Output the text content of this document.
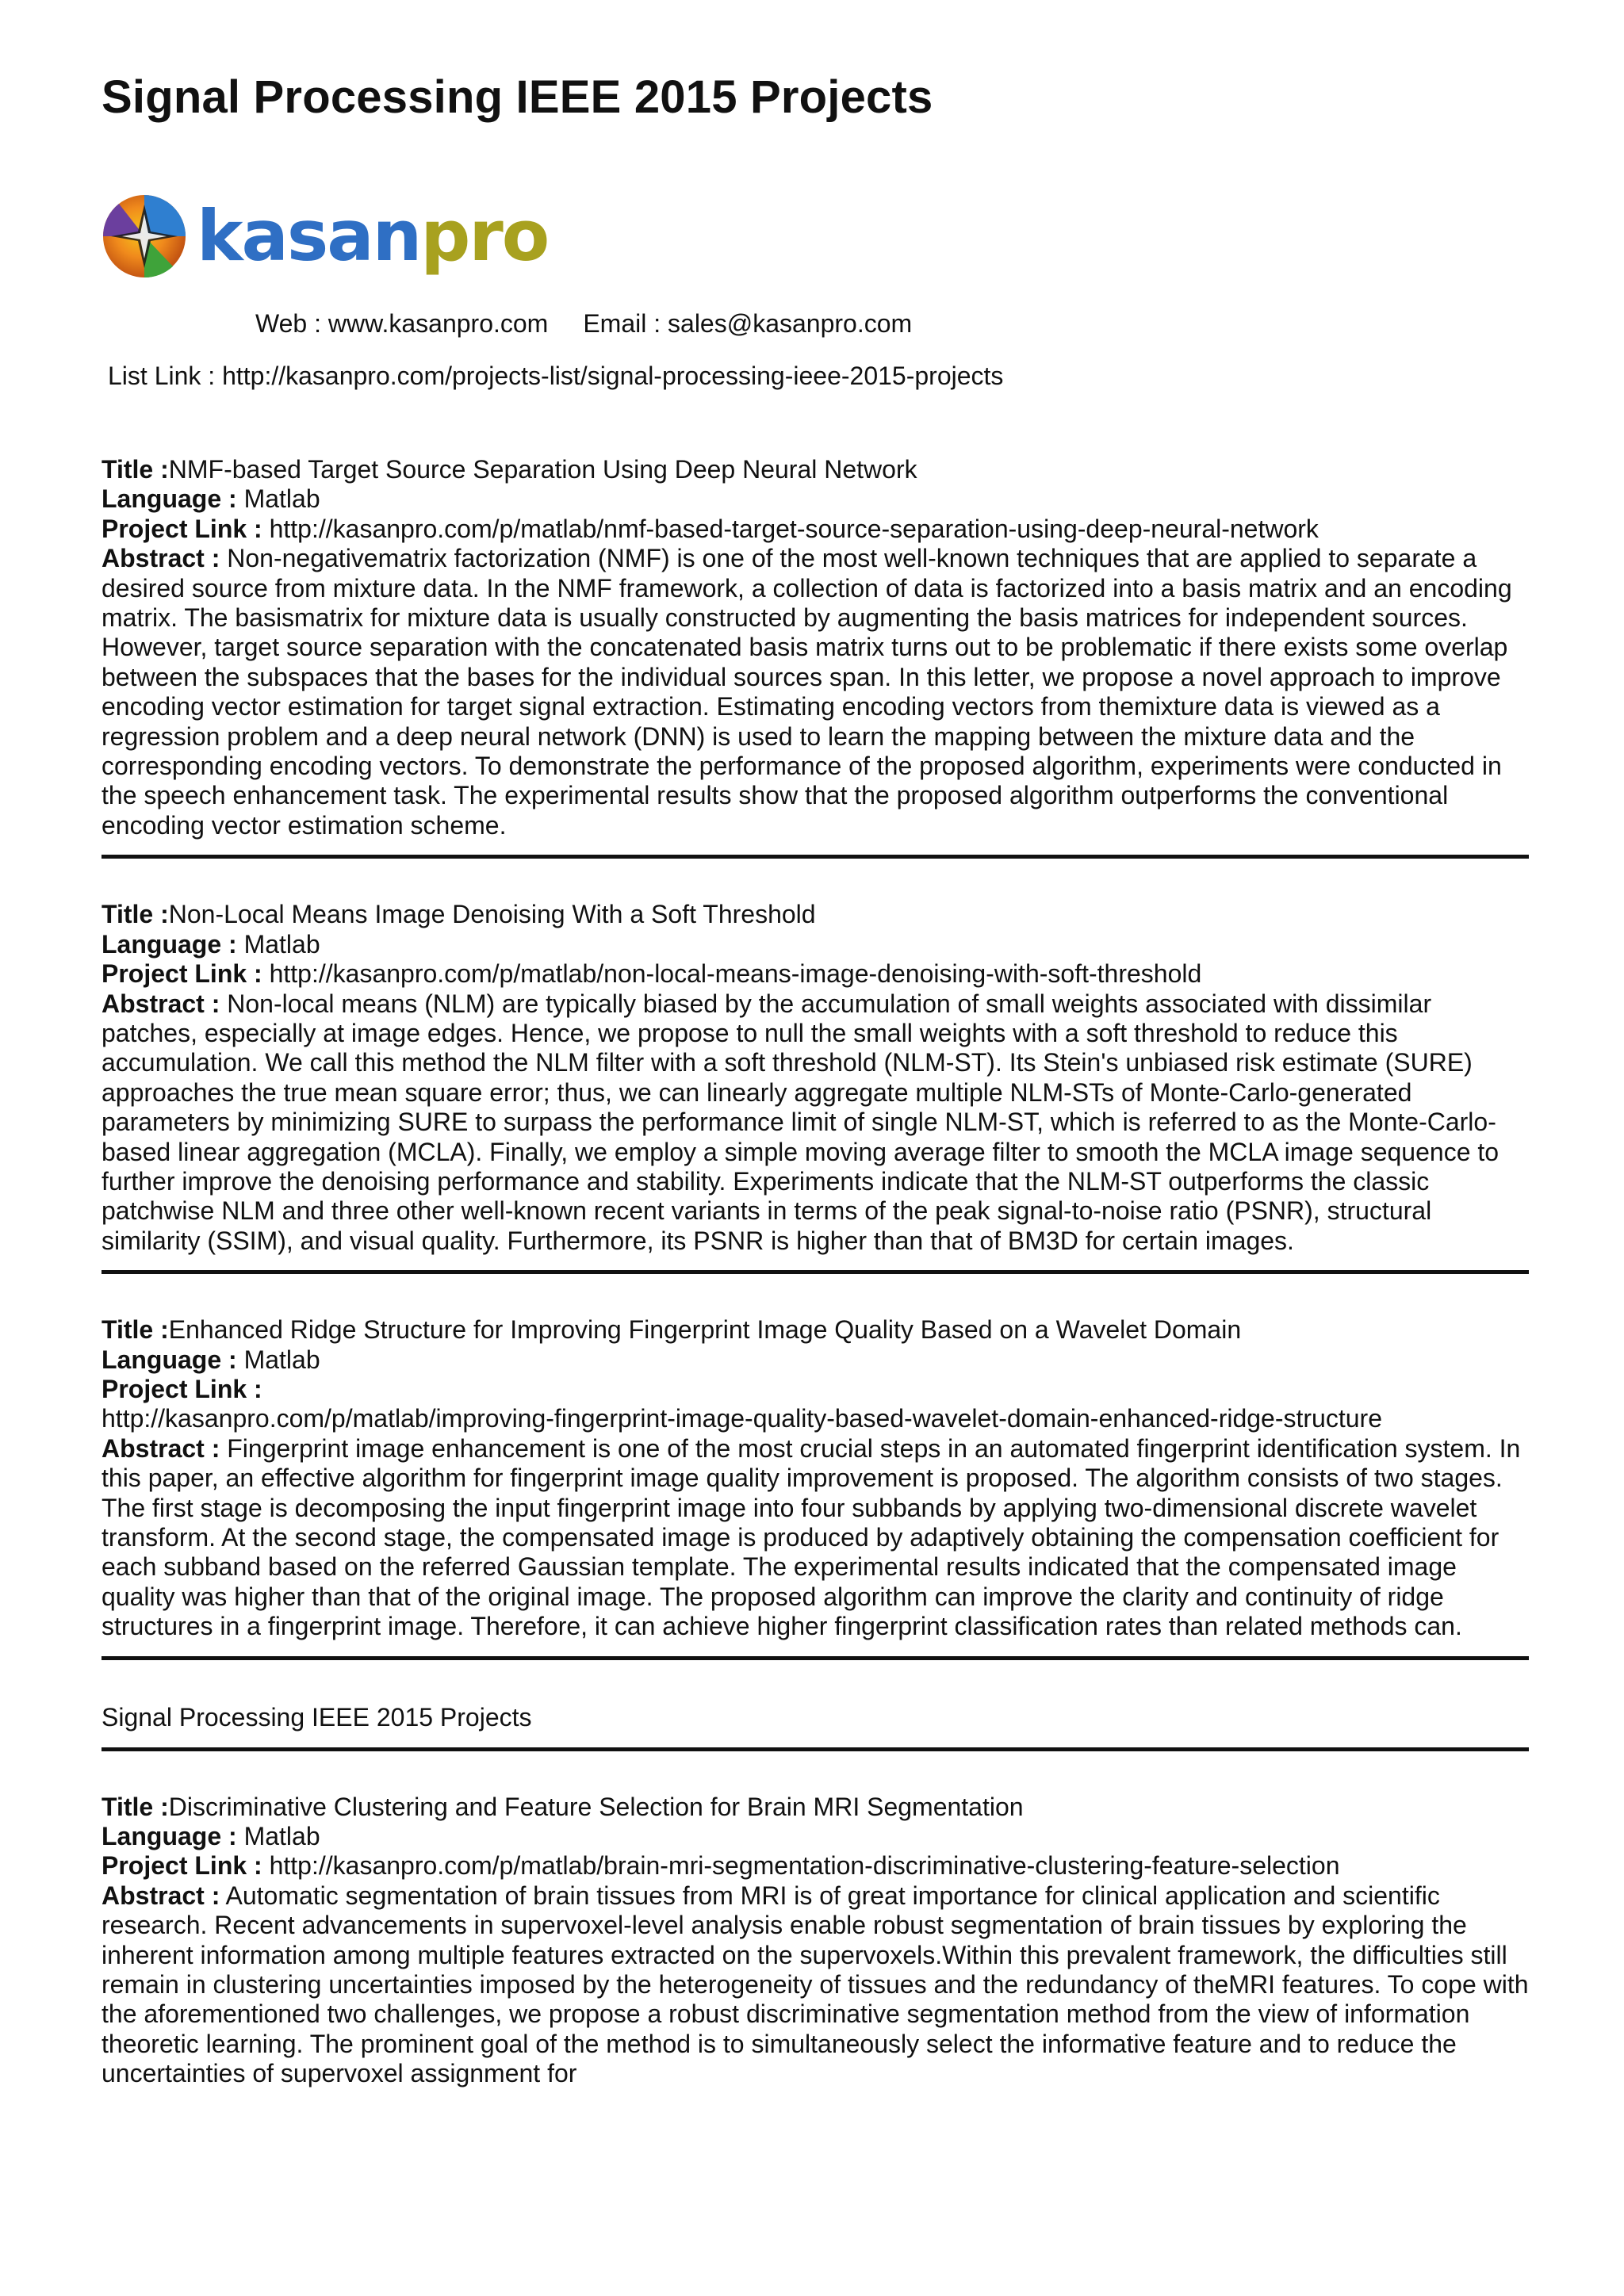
Signal Processing IEEE 2015 Projects
kasanpro
Web : www.kasanpro.com Email : sales@kasanpro.com
List Link : http://kasanpro.com/projects-list/signal-processing-ieee-2015-projects

Title :NMF-based Target Source Separation Using Deep Neural Network

Language : Matlab

Project Link : http://kasanpro.com/p/matlab/nmf-based-target-source-separation-using-deep-neural-network

Abstract : Non-negativematrix factorization (NMF) is one of the most well-known techniques that are applied to separate a desired source from mixture data. In the NMF framework, a collection of data is factorized into a basis matrix and an encoding matrix. The basismatrix for mixture data is usually constructed by augmenting the basis matrices for independent sources. However, target source separation with the concatenated basis matrix turns out to be problematic if there exists some overlap between the subspaces that the bases for the individual sources span. In this letter, we propose a novel approach to improve encoding vector estimation for target signal extraction. Estimating encoding vectors from themixture data is viewed as a regression problem and a deep neural network (DNN) is used to learn the mapping between the mixture data and the corresponding encoding vectors. To demonstrate the performance of the proposed algorithm, experiments were conducted in the speech enhancement task. The experimental results show that the proposed algorithm outperforms the conventional encoding vector estimation scheme.

Title :Non-Local Means Image Denoising With a Soft Threshold

Language : Matlab

Project Link : http://kasanpro.com/p/matlab/non-local-means-image-denoising-with-soft-threshold

Abstract : Non-local means (NLM) are typically biased by the accumulation of small weights associated with dissimilar patches, especially at image edges. Hence, we propose to null the small weights with a soft threshold to reduce this accumulation. We call this method the NLM filter with a soft threshold (NLM-ST). Its Stein's unbiased risk estimate (SURE) approaches the true mean square error; thus, we can linearly aggregate multiple NLM-STs of Monte-Carlo-generated parameters by minimizing SURE to surpass the performance limit of single NLM-ST, which is referred to as the Monte-Carlo-based linear aggregation (MCLA). Finally, we employ a simple moving average filter to smooth the MCLA image sequence to further improve the denoising performance and stability. Experiments indicate that the NLM-ST outperforms the classic patchwise NLM and three other well-known recent variants in terms of the peak signal-to-noise ratio (PSNR), structural similarity (SSIM), and visual quality. Furthermore, its PSNR is higher than that of BM3D for certain images.

Title :Enhanced Ridge Structure for Improving Fingerprint Image Quality Based on a Wavelet Domain

Language : Matlab

Project Link :

http://kasanpro.com/p/matlab/improving-fingerprint-image-quality-based-wavelet-domain-enhanced-ridge-structure

Abstract : Fingerprint image enhancement is one of the most crucial steps in an automated fingerprint identification system. In this paper, an effective algorithm for fingerprint image quality improvement is proposed. The algorithm consists of two stages. The first stage is decomposing the input fingerprint image into four subbands by applying two-dimensional discrete wavelet transform. At the second stage, the compensated image is produced by adaptively obtaining the compensation coefficient for each subband based on the referred Gaussian template. The experimental results indicated that the compensated image quality was higher than that of the original image. The proposed algorithm can improve the clarity and continuity of ridge structures in a fingerprint image. Therefore, it can achieve higher fingerprint classification rates than related methods can.

Signal Processing IEEE 2015 Projects

Title :Discriminative Clustering and Feature Selection for Brain MRI Segmentation

Language : Matlab

Project Link : http://kasanpro.com/p/matlab/brain-mri-segmentation-discriminative-clustering-feature-selection

Abstract : Automatic segmentation of brain tissues from MRI is of great importance for clinical application and scientific research. Recent advancements in supervoxel-level analysis enable robust segmentation of brain tissues by exploring the inherent information among multiple features extracted on the supervoxels.Within this prevalent framework, the difficulties still remain in clustering uncertainties imposed by the heterogeneity of tissues and the redundancy of theMRI features. To cope with the aforementioned two challenges, we propose a robust discriminative segmentation method from the view of information theoretic learning. The prominent goal of the method is to simultaneously select the informative feature and to reduce the uncertainties of supervoxel assignment for
